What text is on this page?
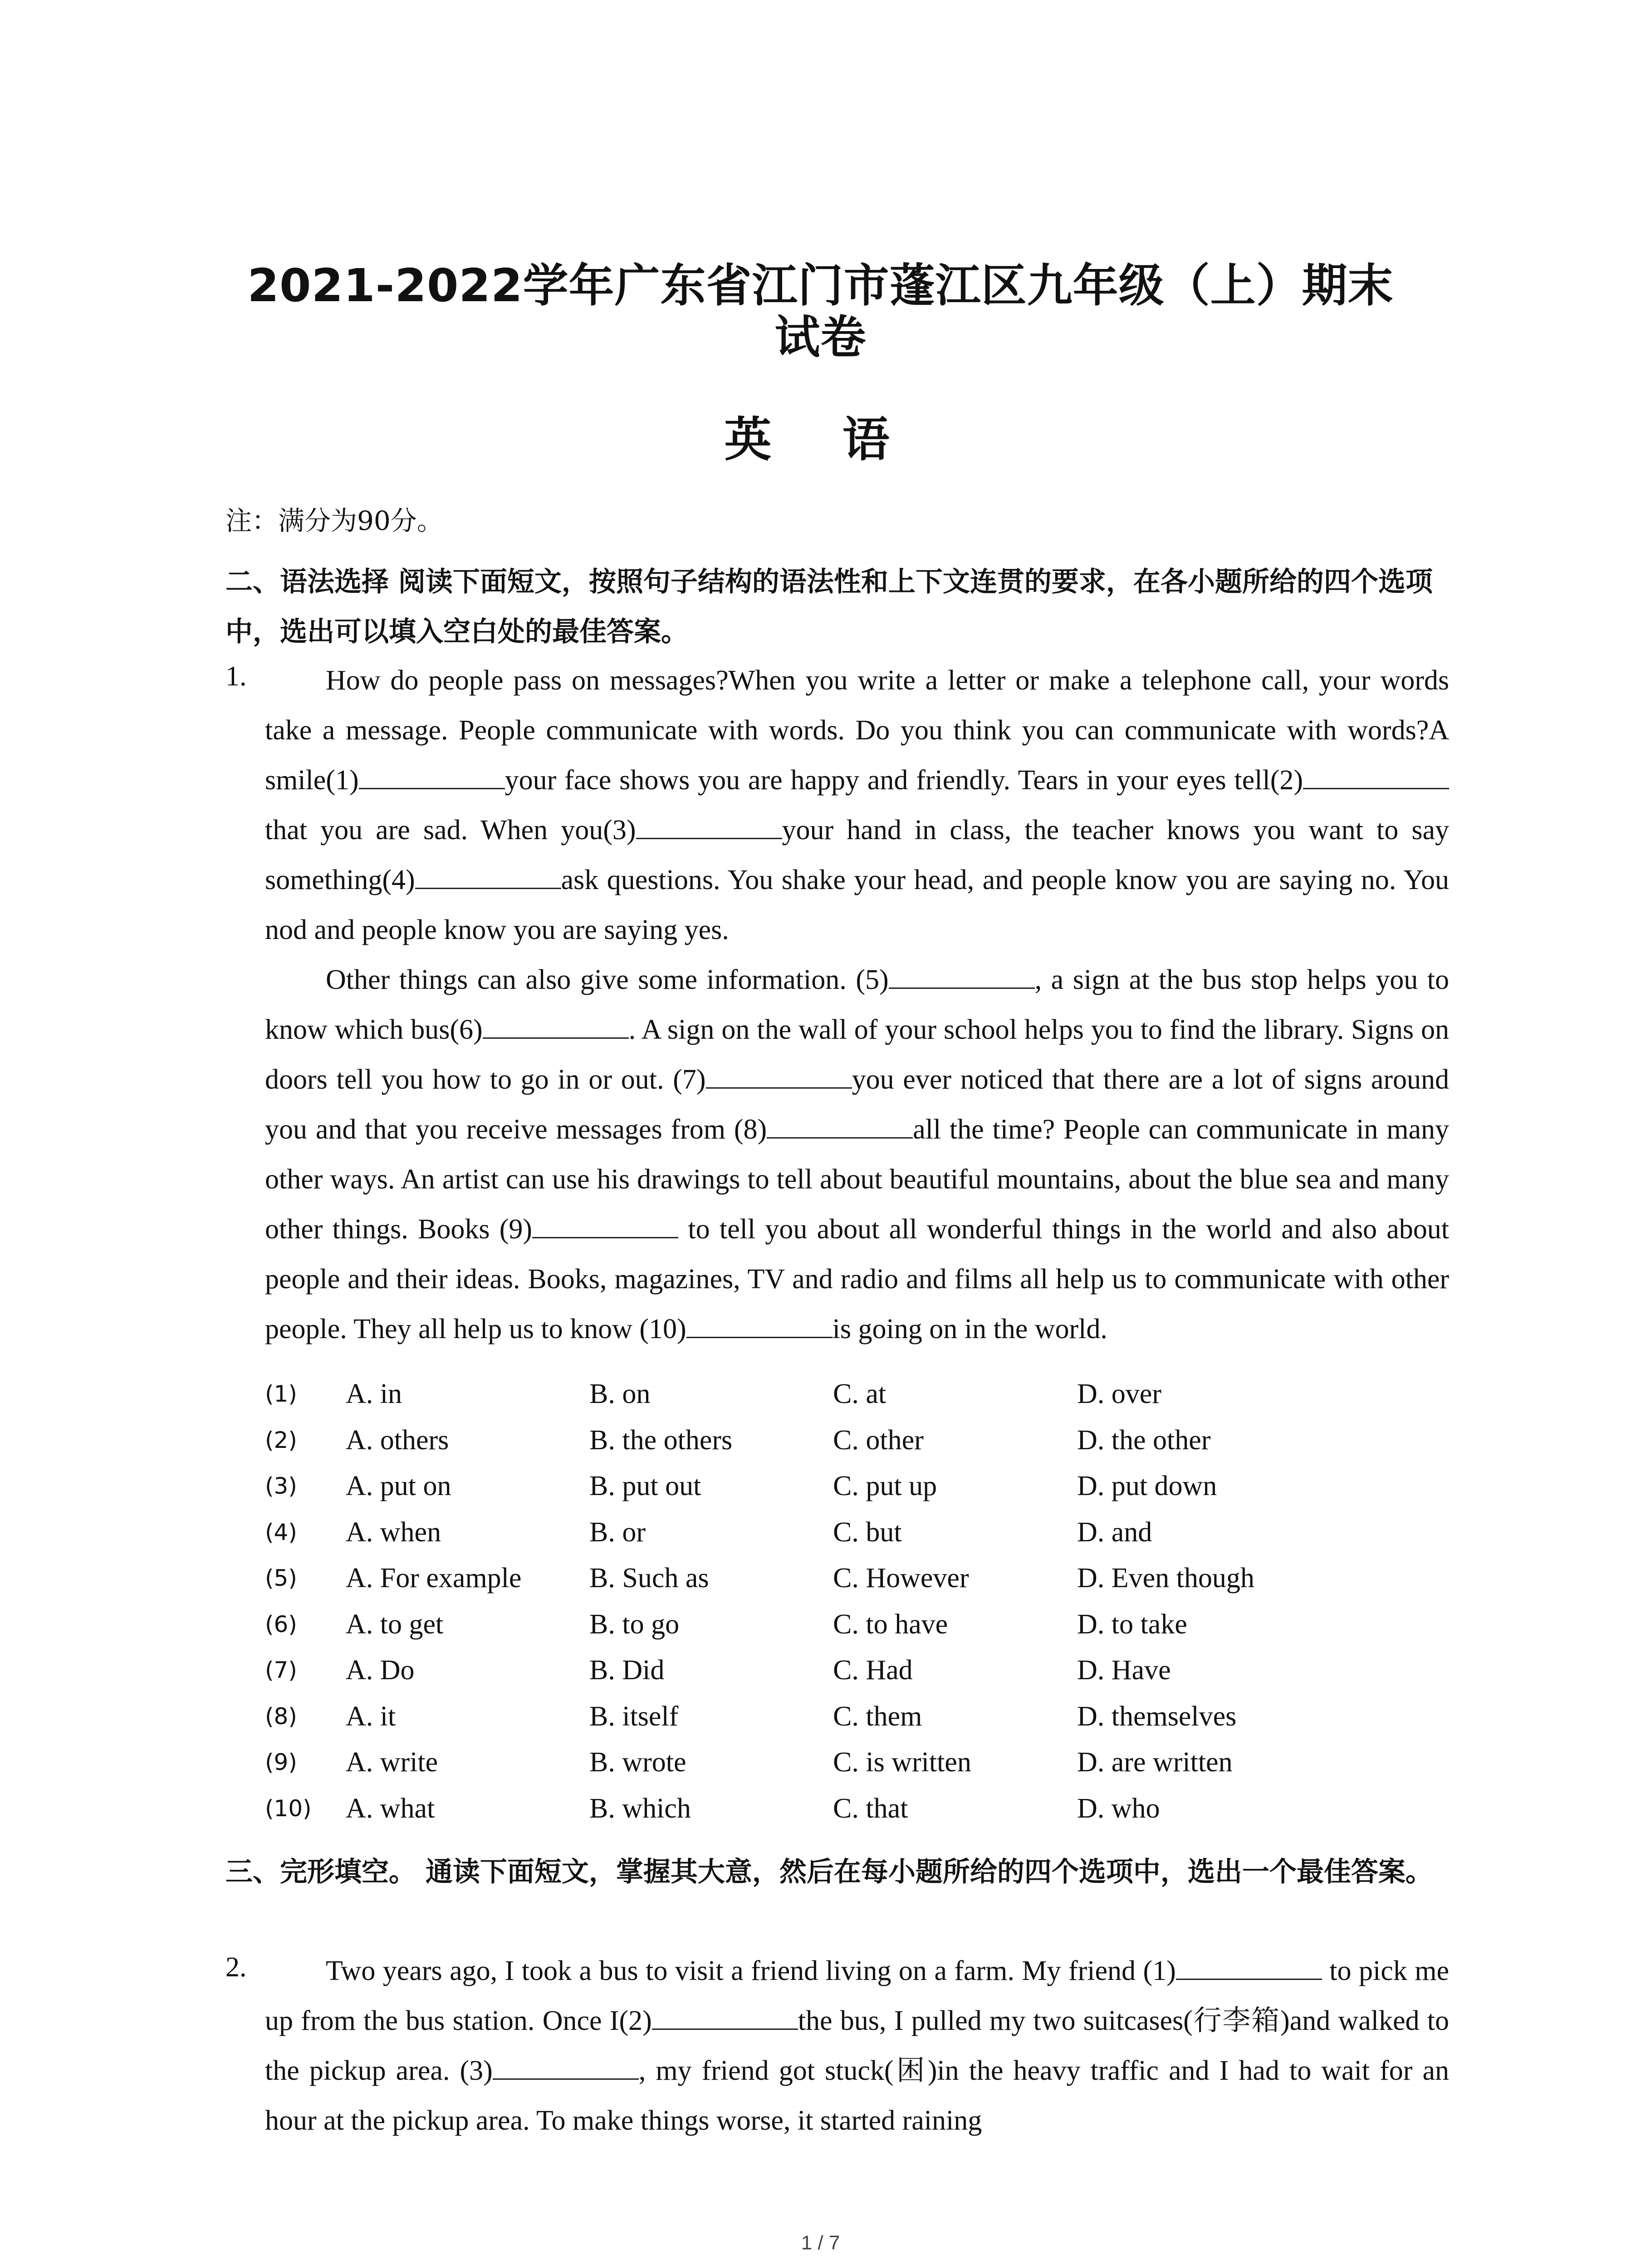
2021-2022学年广东省江门市蓬江区九年级（上）期末
试卷
英 语
注：满分为90分。
二、语法选择 阅读下面短文，按照句子结构的语法性和上下文连贯的要求，在各小题所给的四个选项中，选出可以填入空白处的最佳答案。
1.	How do people pass on messages?When you write a letter or make a telephone call, your words take a message. People communicate with words. Do you think you can communicate with words?A smile(1)	your face shows you are happy and friendly. Tears in your eyes tell(2)that you are sad. When you(3)	your hand in class, the teacher knows you want to say something(4)	ask questions. You shake your head, and people know you are saying no. You nod and people know you are saying yes.

Other things can also give some information. (5)	, a sign at the bus stop helps you to know which bus(6)	. A sign on the wall of your school helps you to find the library. Signs on doors tell you how to go in or out. (7)	you ever noticed that there are a lot of signs around you and that you receive messages from (8)	all the time? People can communicate in many other ways. An artist can use his drawings to tell about beautiful mountains, about the blue sea and many other things. Books (9)	to tell you about all wonderful things in the world and also about people and their ideas. Books, magazines, TV and radio and films all help us to communicate with other people. They all help us to know (10)	is going on in the world.

(1) A. in	B. on	C. at	D. over
(2) A. others	B. the others	C. other	D. the other
(3) A. put on	B. put out	C. put up	D. put down
(4) A. when	B. or	C. but	D. and
(5) A. For example B. Such as	C. However	D. Even though
(6) A. to get	B. to go	C. to have	D. to take
(7) A. Do	B. Did	C. Had	D. Have
(8) A. it	B. itself	C. them	D. themselves
(9) A. write	B. wrote	C. is written	D. are written
(10) A. what	B. which	C. that	D. who
三、完形填空。 通读下面短文，掌握其大意，然后在每小题所给的四个选项中，选出一个最佳答案。
2.	Two years ago, I took a bus to visit a friend living on a farm. My friend (1)	to pick me up from the bus station. Once I(2)	the bus, I pulled my two suitcases(行李箱)and walked to the pickup area. (3)	, my friend got stuck(困)in the heavy traffic and I had to wait for an hour at the pickup area. To make things worse, it started raining

1 / 7
